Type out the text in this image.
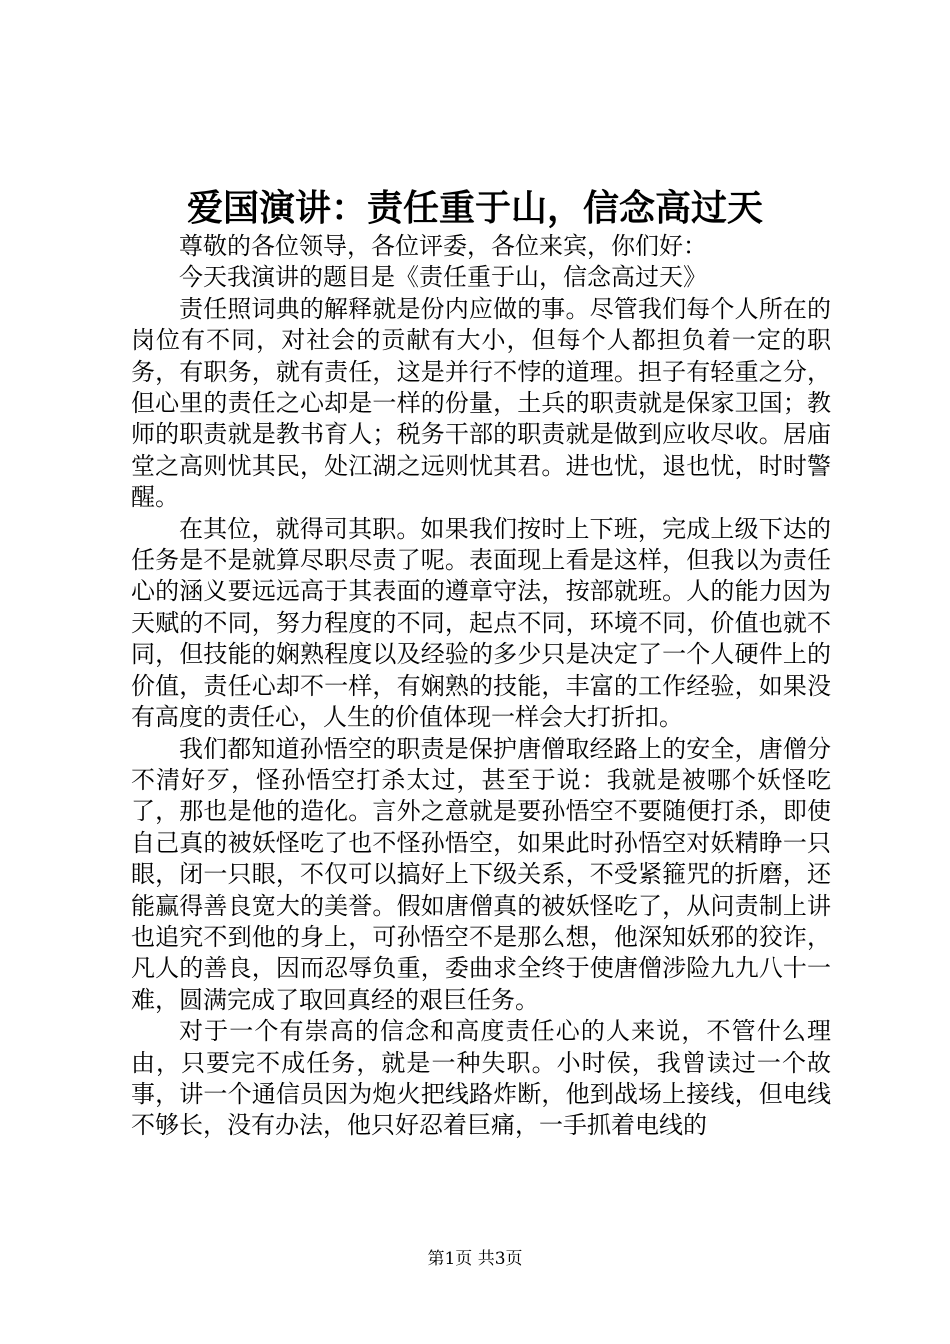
爱国演讲：责任重于山，信念高过天

尊敬的各位领导，各位评委，各位来宾，你们好：

今天我演讲的题目是《责任重于山，信念高过天》

责任照词典的解释就是份内应做的事。尽管我们每个人所在的岗位有不同，对社会的贡献有大小，但每个人都担负着一定的职务，有职务，就有责任，这是并行不悖的道理。担子有轻重之分，但心里的责任之心却是一样的份量，土兵的职责就是保家卫国；教师的职责就是教书育人；税务干部的职责就是做到应收尽收。居庙堂之高则忧其民，处江湖之远则忧其君。进也忧，退也忧，时时警醒。

在其位，就得司其职。如果我们按时上下班，完成上级下达的任务是不是就算尽职尽责了呢。表面现上看是这样，但我以为责任心的涵义要远远高于其表面的遵章守法，按部就班。人的能力因为天赋的不同，努力程度的不同，起点不同，环境不同，价值也就不同，但技能的娴熟程度以及经验的多少只是决定了一个人硬件上的价值，责任心却不一样，有娴熟的技能，丰富的工作经验，如果没有高度的责任心，人生的价值体现一样会大打折扣。

我们都知道孙悟空的职责是保护唐僧取经路上的安全，唐僧分不清好歹，怪孙悟空打杀太过，甚至于说：我就是被哪个妖怪吃了，那也是他的造化。言外之意就是要孙悟空不要随便打杀，即使自己真的被妖怪吃了也不怪孙悟空，如果此时孙悟空对妖精睁一只眼，闭一只眼，不仅可以搞好上下级关系，不受紧箍咒的折磨，还能赢得善良宽大的美誉。假如唐僧真的被妖怪吃了，从问责制上讲也追究不到他的身上，可孙悟空不是那么想，他深知妖邪的狡诈，凡人的善良，因而忍辱负重，委曲求全终于使唐僧涉险九九八十一难，圆满完成了取回真经的艰巨任务。

对于一个有崇高的信念和高度责任心的人来说，不管什么理由，只要完不成任务，就是一种失职。小时侯，我曾读过一个故事，讲一个通信员因为炮火把线路炸断，他到战场上接线，但电线不够长，没有办法，他只好忍着巨痛，一手抓着电线的

第1页 共3页
